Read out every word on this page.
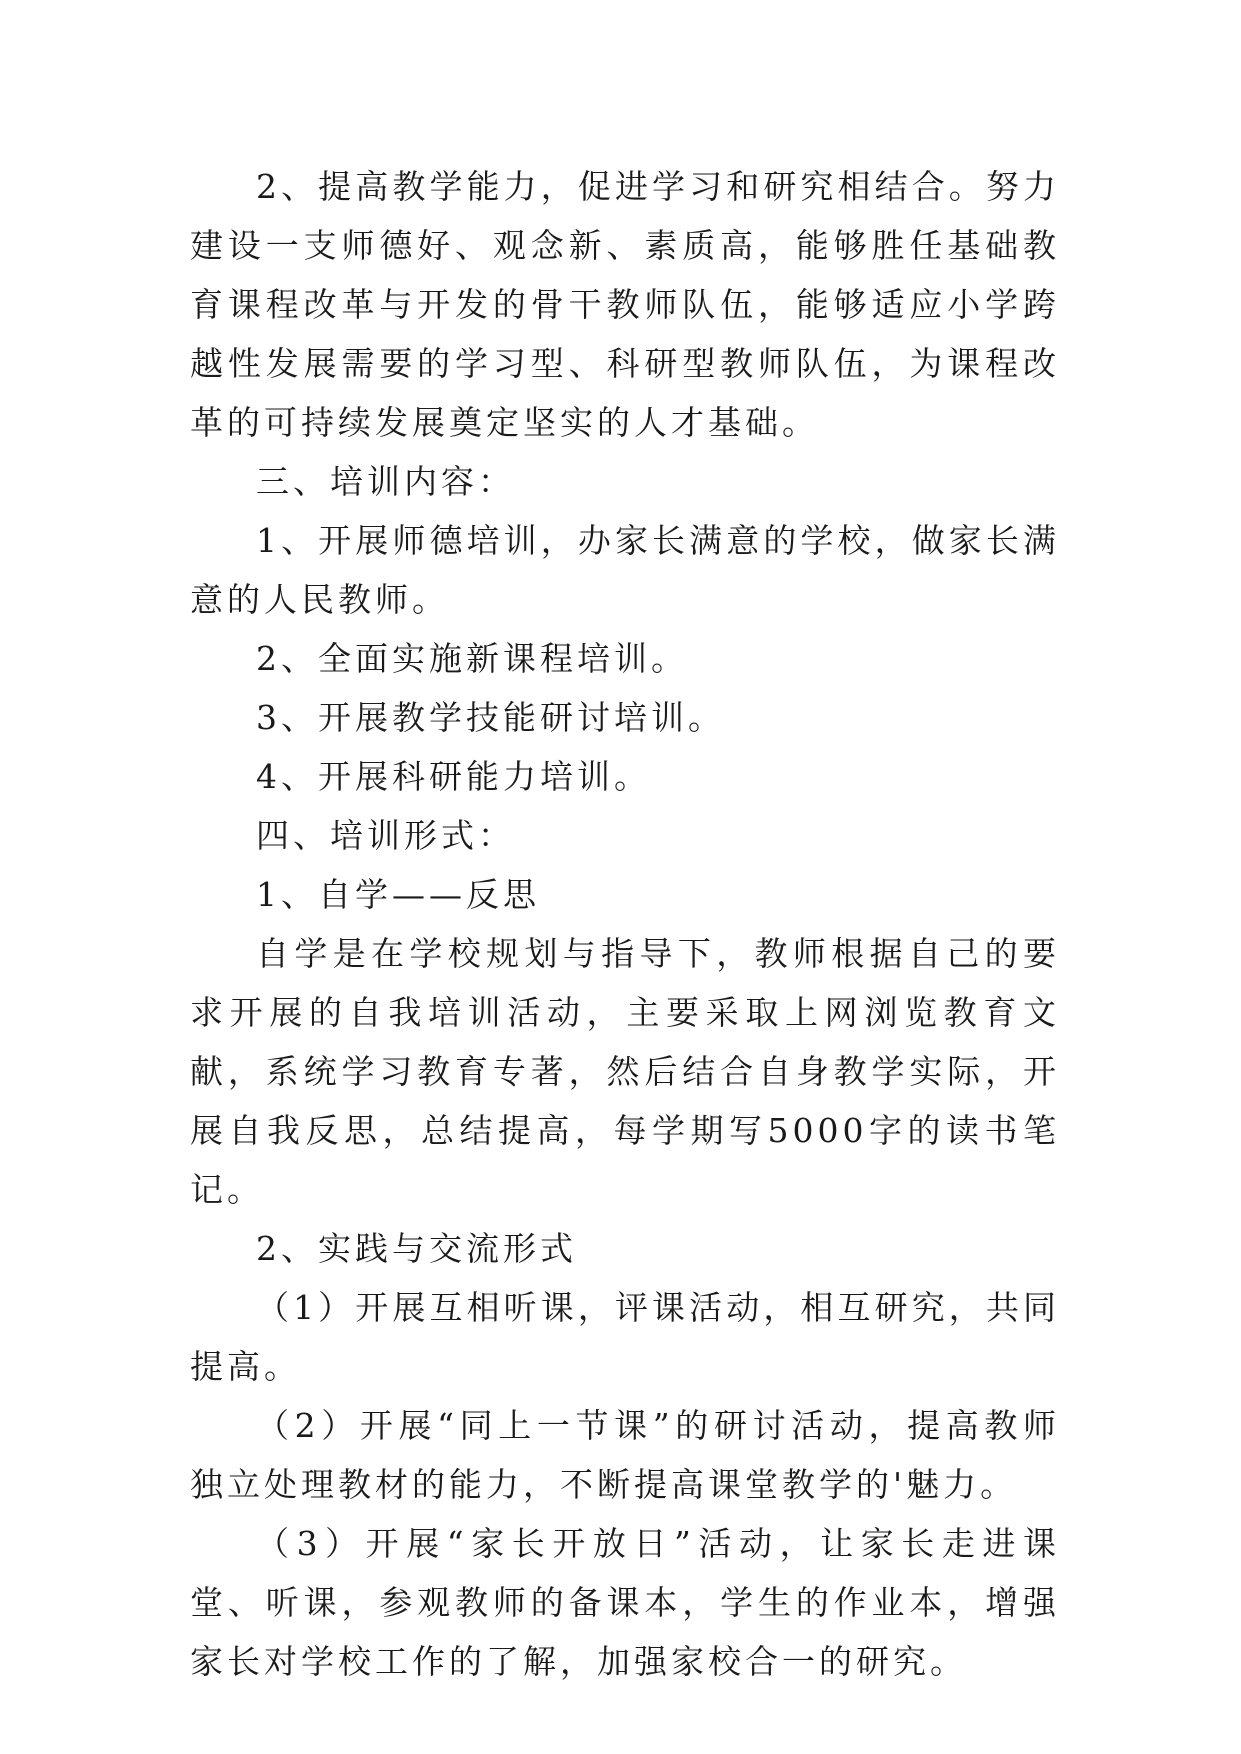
2、提高教学能力，促进学习和研究相结合。努力建设一支师德好、观念新、素质高，能够胜任基础教育课程改革与开发的骨干教师队伍，能够适应小学跨越性发展需要的学习型、科研型教师队伍，为课程改革的可持续发展奠定坚实的人才基础。

三、培训内容：

1、开展师德培训，办家长满意的学校，做家长满意的人民教师。

2、全面实施新课程培训。

3、开展教学技能研讨培训。

4、开展科研能力培训。

四、培训形式：

1、自学——反思

自学是在学校规划与指导下，教师根据自己的要求开展的自我培训活动，主要采取上网浏览教育文献，系统学习教育专著，然后结合自身教学实际，开展自我反思，总结提高，每学期写5000字的读书笔记。

2、实践与交流形式

（1）开展互相听课，评课活动，相互研究，共同提高。

（2）开展“同上一节课”的研讨活动，提高教师独立处理教材的能力，不断提高课堂教学的'魅力。

（3）开展“家长开放日”活动，让家长走进课堂、听课，参观教师的备课本，学生的作业本，增强家长对学校工作的了解，加强家校合一的研究。
